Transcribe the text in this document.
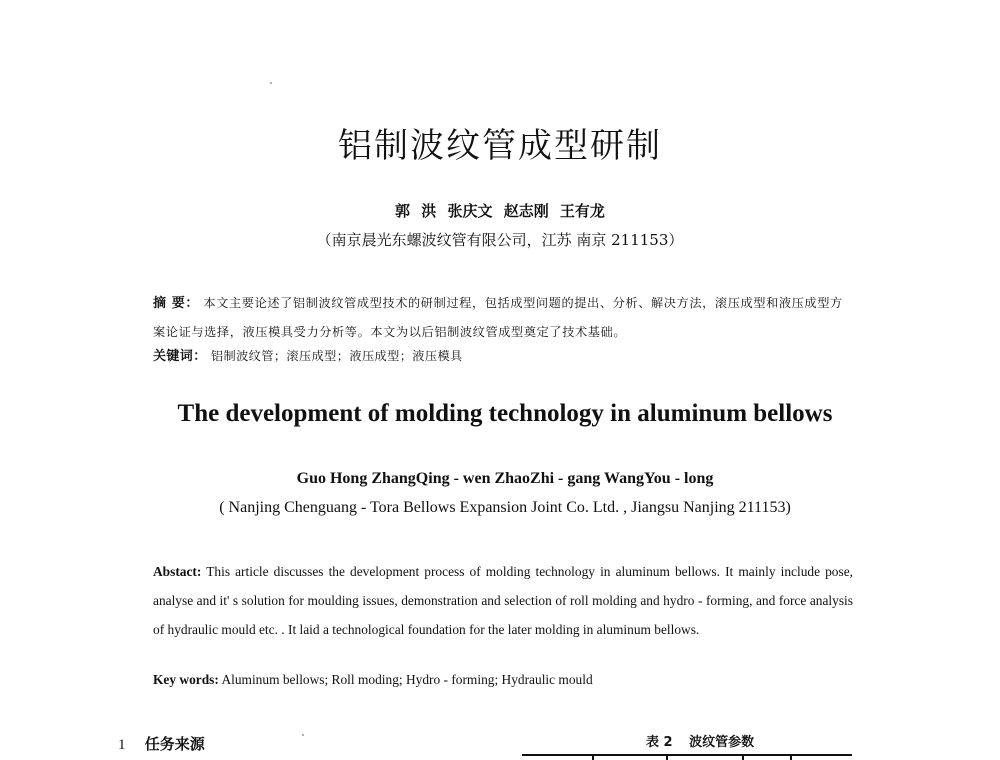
铝制波纹管成型研制
郭 洪 张庆文 赵志刚 王有龙
（南京晨光东螺波纹管有限公司，江苏 南京 211153）
摘 要： 本文主要论述了铝制波纹管成型技术的研制过程，包括成型问题的提出、分析、解决方法，滚压成型和液压成型方案论证与选择，液压模具受力分析等。本文为以后铝制波纹管成型奠定了技术基础。
关键词： 铝制波纹管；滚压成型；液压成型；液压模具
The development of molding technology in aluminum bellows
Guo Hong ZhangQing - wen ZhaoZhi - gang WangYou - long
( Nanjing Chenguang - Tora Bellows Expansion Joint Co. Ltd. , Jiangsu Nanjing 211153)
Abstact: This article discusses the development process of molding technology in aluminum bellows. It mainly include pose, analyse and it' s solution for moulding issues, demonstration and selection of roll molding and hydro - forming, and force analysis of hydraulic mould etc. . It laid a technological foundation for the later molding in aluminum bellows.
Key words: Aluminum bellows; Roll moding; Hydro - forming; Hydraulic mould
1 任务来源	表 2 波纹管参数
